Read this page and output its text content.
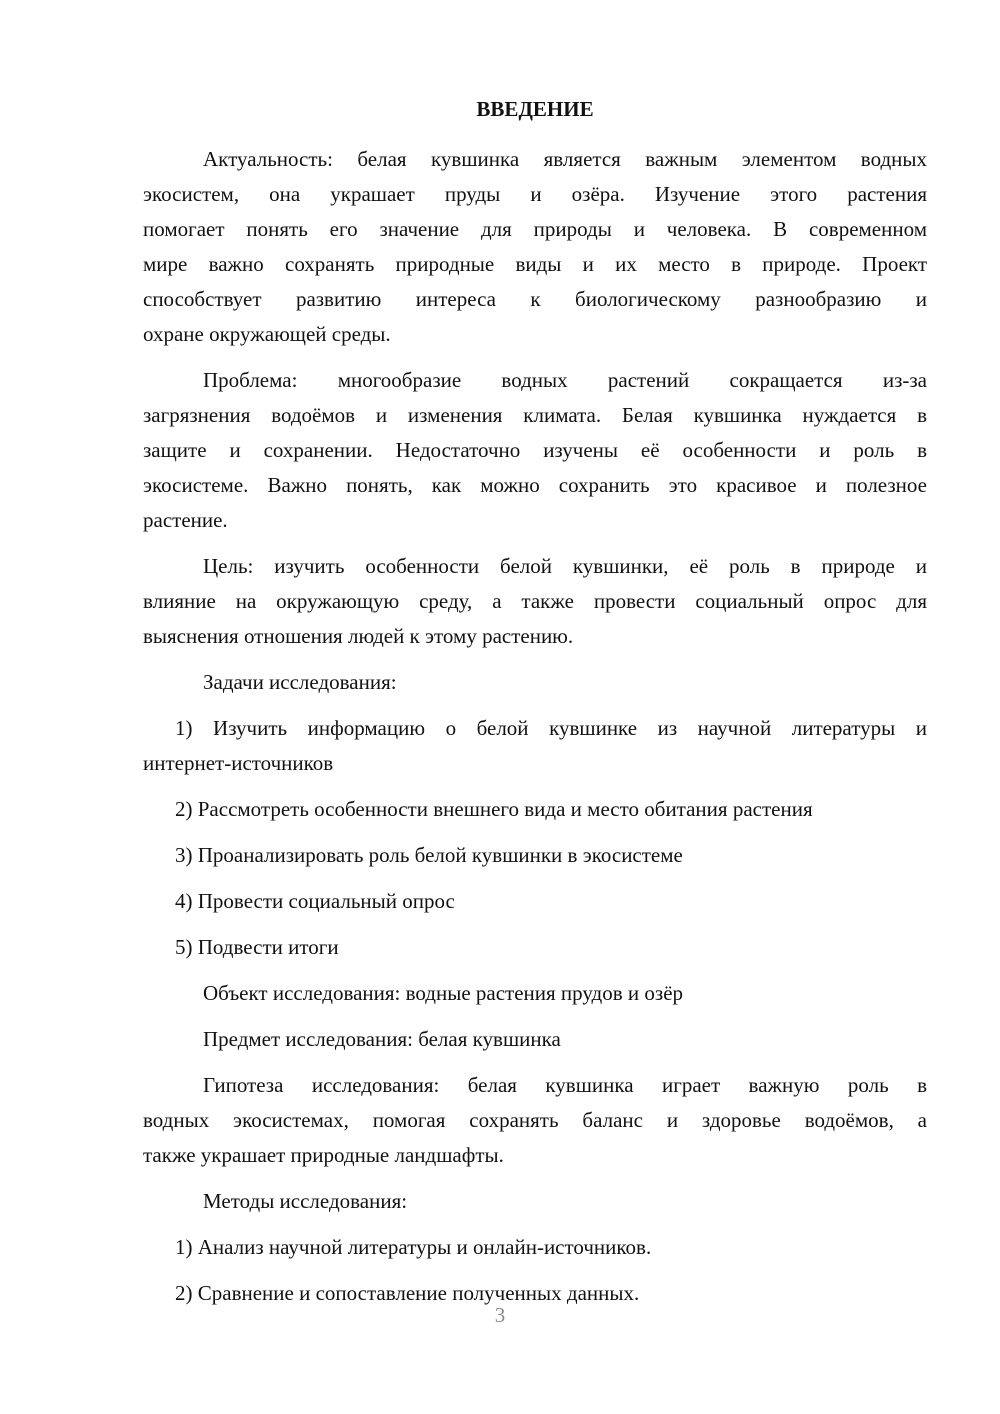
ВВЕДЕНИЕ
Актуальность: белая кувшинка является важным элементом водных
экосистем, она украшает пруды и озёра. Изучение этого растения
помогает понять его значение для природы и человека. В современном
мире важно сохранять природные виды и их место в природе. Проект
способствует развитию интереса к биологическому разнообразию и
охране окружающей среды.
Проблема: многообразие водных растений сокращается из-за
загрязнения водоёмов и изменения климата. Белая кувшинка нуждается в
защите и сохранении. Недостаточно изучены её особенности и роль в
экосистеме. Важно понять, как можно сохранить это красивое и полезное
растение.
Цель: изучить особенности белой кувшинки, её роль в природе и
влияние на окружающую среду, а также провести социальный опрос для
выяснения отношения людей к этому растению.
Задачи исследования:
1) Изучить информацию о белой кувшинке из научной литературы и
интернет-источников
2) Рассмотреть особенности внешнего вида и место обитания растения
3) Проанализировать роль белой кувшинки в экосистеме
4) Провести социальный опрос
5) Подвести итоги
Объект исследования: водные растения прудов и озёр
Предмет исследования: белая кувшинка
Гипотеза исследования: белая кувшинка играет важную роль в
водных экосистемах, помогая сохранять баланс и здоровье водоёмов, а
также украшает природные ландшафты.
Методы исследования:
1) Анализ научной литературы и онлайн-источников.
2) Сравнение и сопоставление полученных данных.
3
